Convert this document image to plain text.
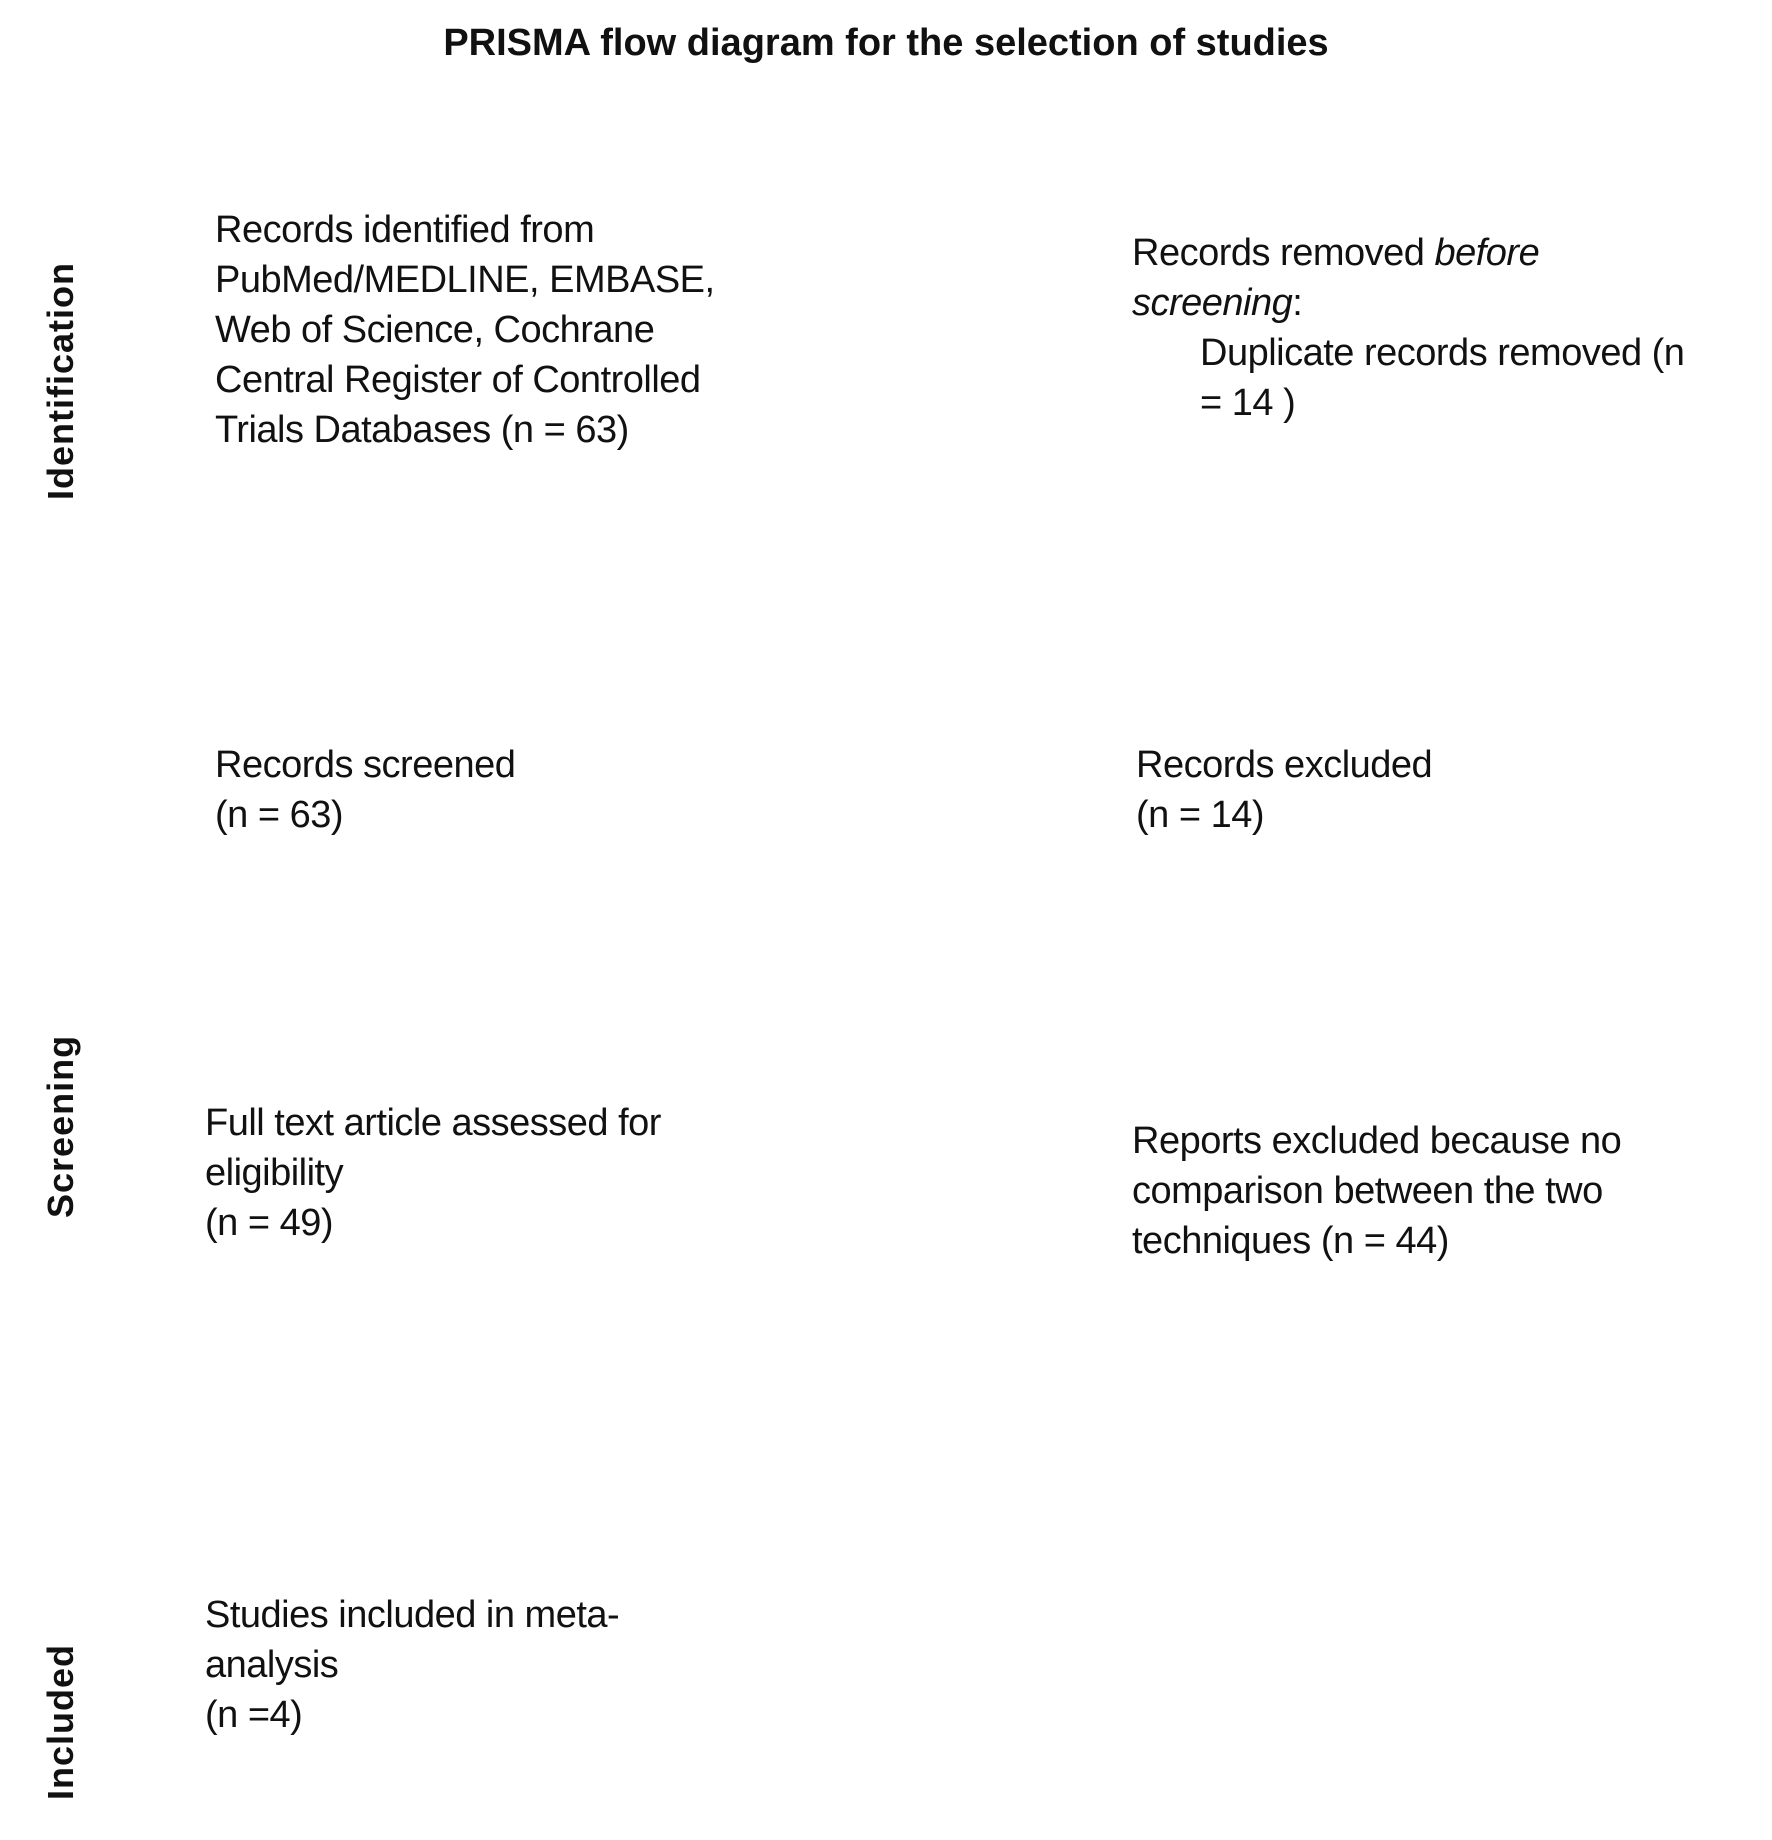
PRISMA flow diagram for the selection of studies
Identification
Screening
Included
Records identified from
PubMed/MEDLINE, EMBASE,
Web of Science, Cochrane
Central Register of Controlled
Trials Databases (n = 63)
Records removed before
screening:
Duplicate records removed (n
= 14 )
Records screened
(n = 63)
Records excluded
(n = 14)
Full text article assessed for
eligibility
(n = 49)
Reports excluded because no
comparison between the two
techniques (n = 44)
Studies included in meta-
analysis
(n =4)
